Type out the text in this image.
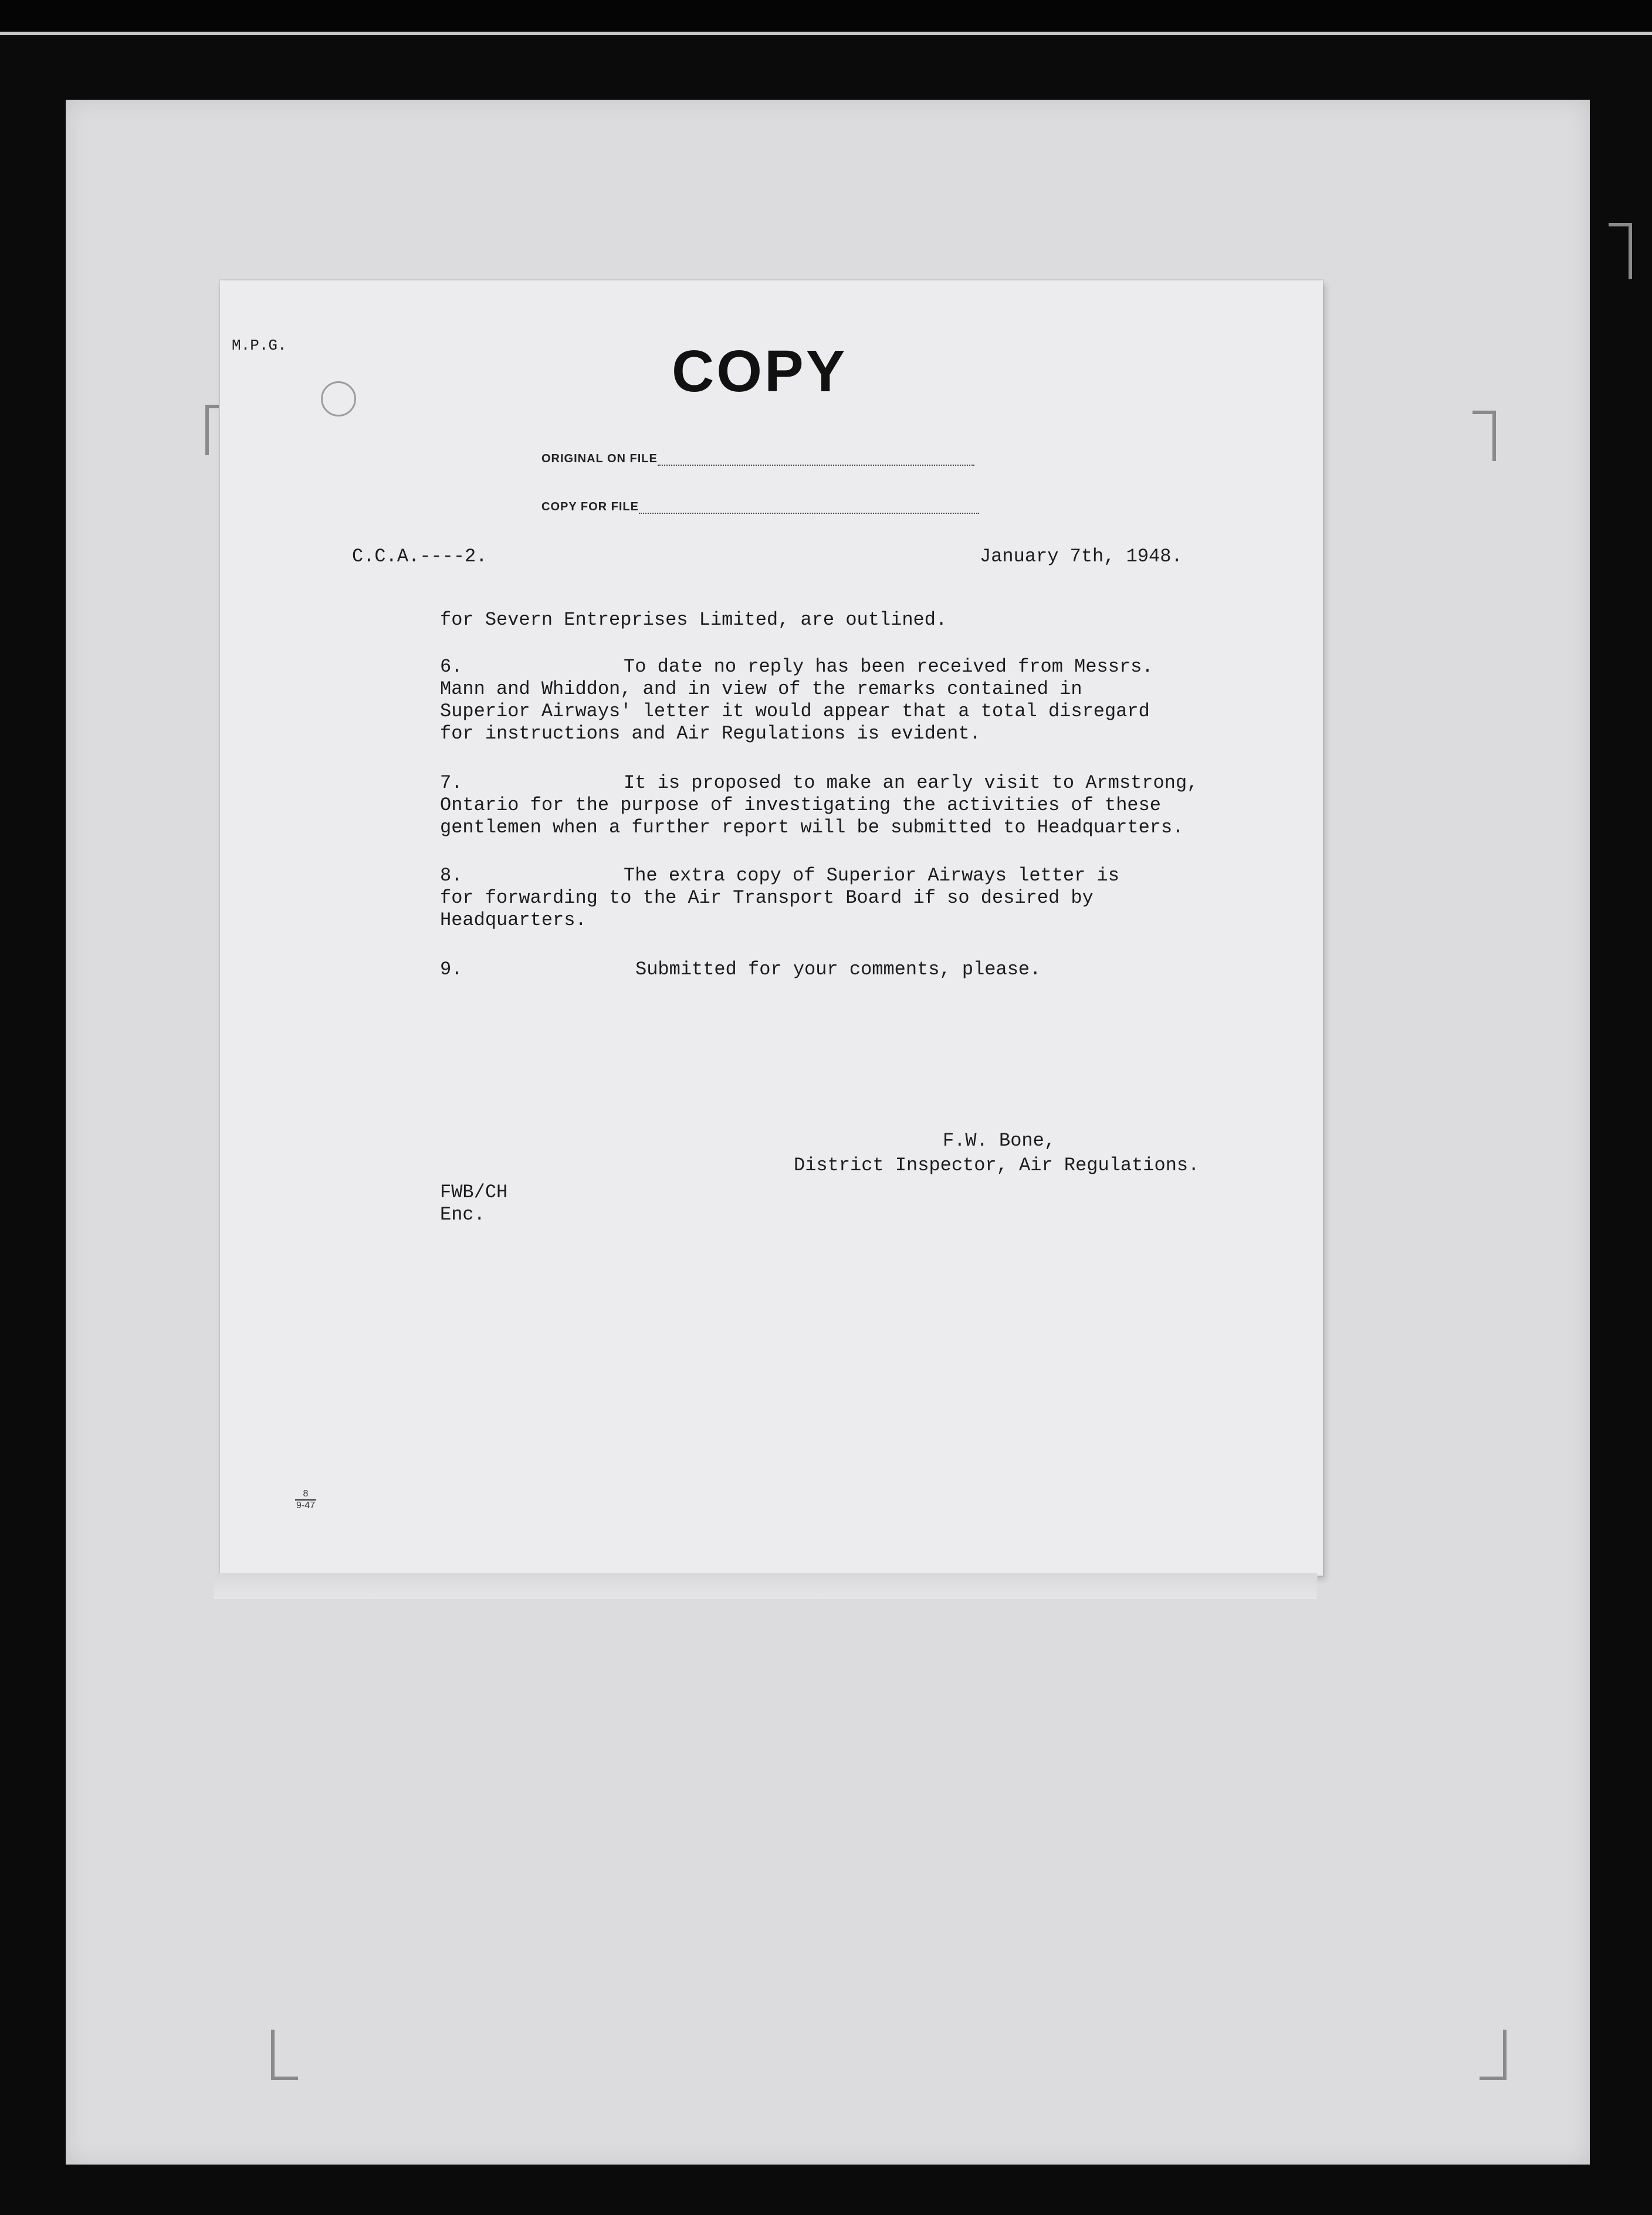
M.P.G.	COPY
ORIGINAL ON FILE
COPY FOR FILE
C.C.A.----2.	January 7th, 1948.
for Severn Entreprises Limited, are outlined.
6.	To date no reply has been received from Messrs.
Mann and Whiddon, and in view of the remarks contained in
Superior Airways' letter it would appear that a total disregard
for instructions and Air Regulations is evident.
7.	It is proposed to make an early visit to Armstrong,
Ontario for the purpose of investigating the activities of these
gentlemen when a further report will be submitted to Headquarters.
8.	The extra copy of Superior Airways letter is
for forwarding to the Air Transport Board if so desired by
Headquarters.
9.	Submitted for your comments, please.
F.W. Bone,
District Inspector, Air Regulations.
FWB/CH
Enc.
$\frac{8}{9-47}$
